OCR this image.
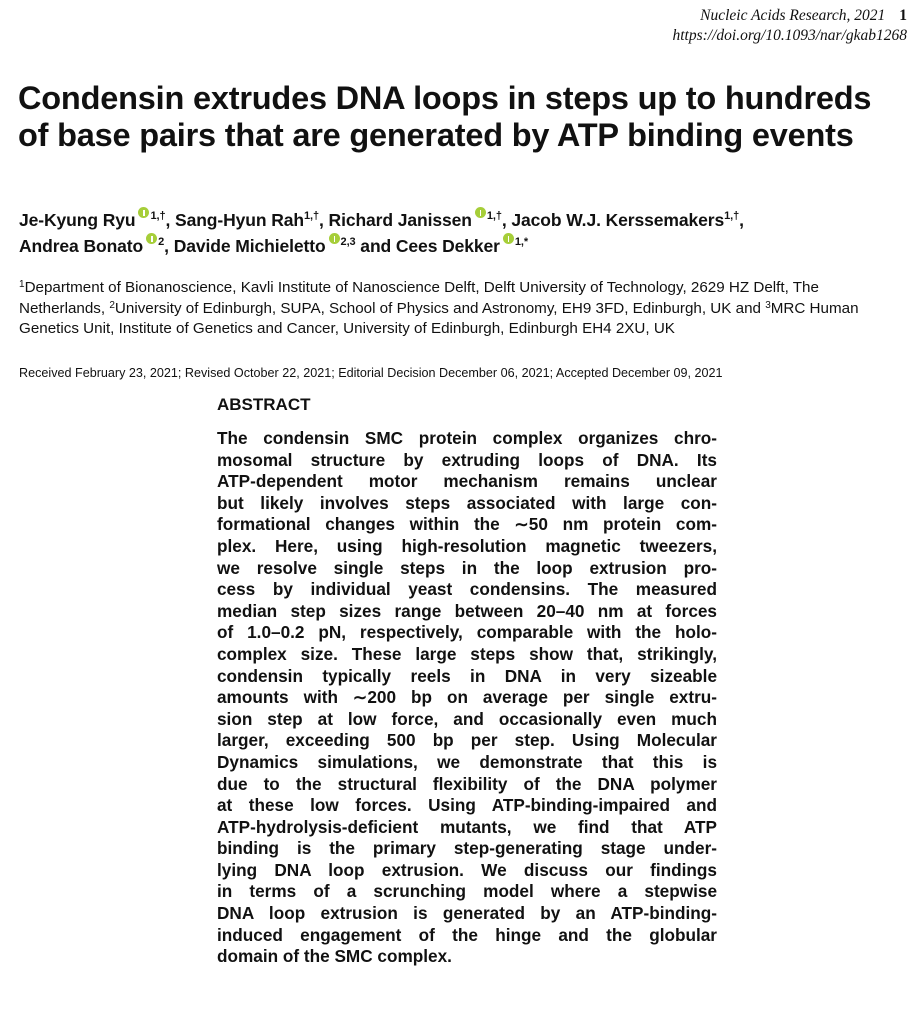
Nucleic Acids Research, 2021 1
https://doi.org/10.1093/nar/gkab1268
Condensin extrudes DNA loops in steps up to hundreds of base pairs that are generated by ATP binding events
Je-Kyung Ryu $^{1,\dagger}$, Sang-Hyun Rah$^{1,\dagger}$, Richard Janissen $^{1,\dagger}$, Jacob W.J. Kerssemakers$^{1,\dagger}$,
Andrea Bonato $^2$, Davide Michieletto $^{2,3}$ and Cees Dekker $^{1,*}$
$^1$Department of Bionanoscience, Kavli Institute of Nanoscience Delft, Delft University of Technology, 2629 HZ Delft, The Netherlands, $^2$University of Edinburgh, SUPA, School of Physics and Astronomy, EH9 3FD, Edinburgh, UK and $^3$MRC Human Genetics Unit, Institute of Genetics and Cancer, University of Edinburgh, Edinburgh EH4 2XU, UK
Received February 23, 2021; Revised October 22, 2021; Editorial Decision December 06, 2021; Accepted December 09, 2021
ABSTRACT
The condensin SMC protein complex organizes chro-
mosomal structure by extruding loops of DNA. Its
ATP-dependent motor mechanism remains unclear
but likely involves steps associated with large con-
formational changes within the ∼50 nm protein com-
plex. Here, using high-resolution magnetic tweezers,
we resolve single steps in the loop extrusion pro-
cess by individual yeast condensins. The measured
median step sizes range between 20–40 nm at forces
of 1.0–0.2 pN, respectively, comparable with the holo-
complex size. These large steps show that, strikingly,
condensin typically reels in DNA in very sizeable
amounts with ∼200 bp on average per single extru-
sion step at low force, and occasionally even much
larger, exceeding 500 bp per step. Using Molecular
Dynamics simulations, we demonstrate that this is
due to the structural flexibility of the DNA polymer
at these low forces. Using ATP-binding-impaired and
ATP-hydrolysis-deficient mutants, we find that ATP
binding is the primary step-generating stage under-
lying DNA loop extrusion. We discuss our findings
in terms of a scrunching model where a stepwise
DNA loop extrusion is generated by an ATP-binding-
induced engagement of the hinge and the globular
domain of the SMC complex.
